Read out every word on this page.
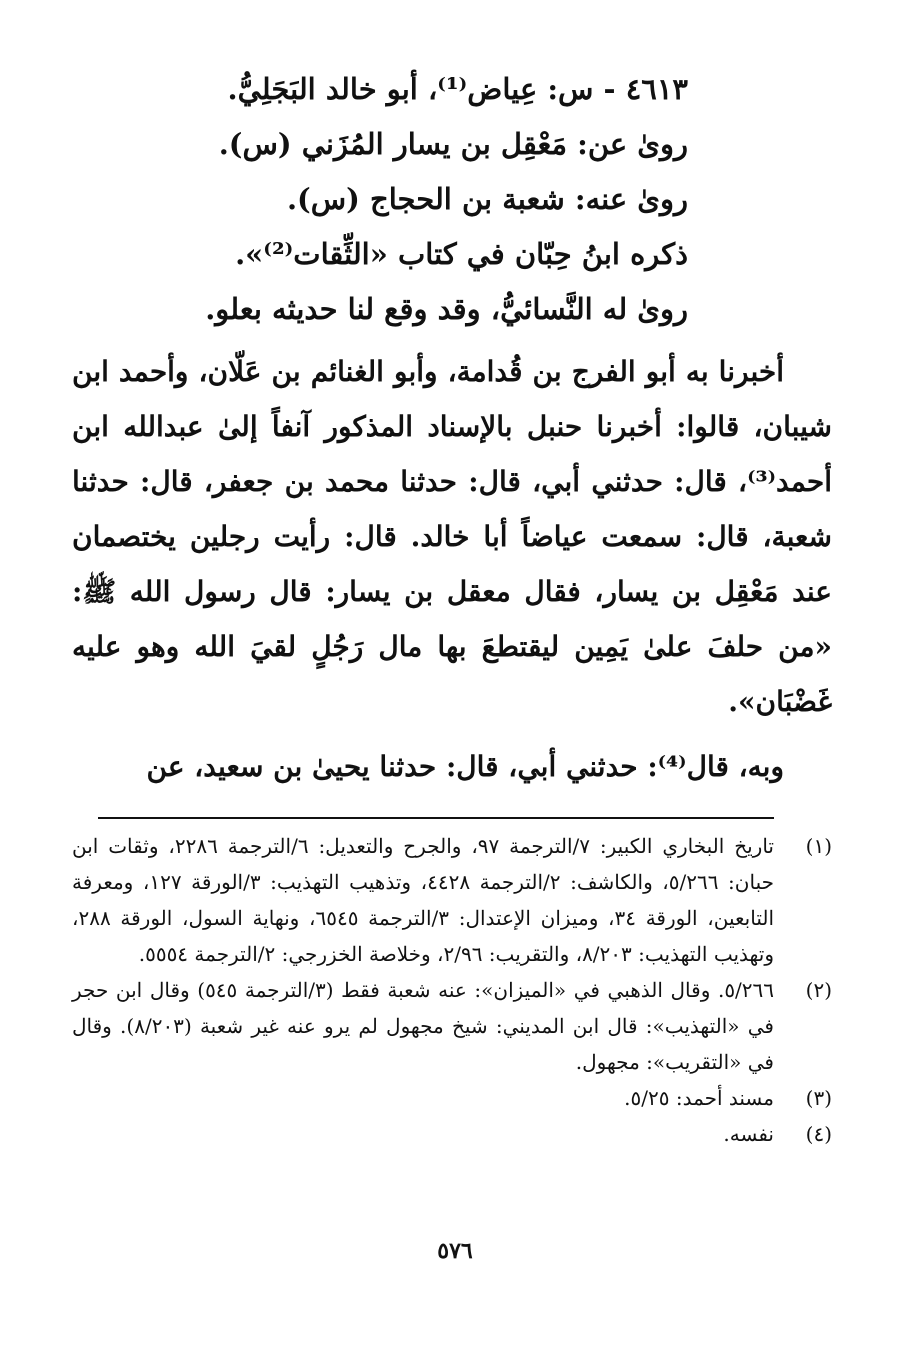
٤٦١٣ - س: عِياض⁽¹⁾، أبو خالد البَجَلِيُّ.
روىٰ عن: مَعْقِل بن يسار المُزَني (س).
روىٰ عنه: شعبة بن الحجاج (س).
ذكره ابنُ حِبّان في كتاب «الثِّقات⁽²⁾».
روىٰ له النَّسائيُّ، وقد وقع لنا حديثه بعلو.

أخبرنا به أبو الفرج بن قُدامة، وأبو الغنائم بن عَلّان، وأحمد ابن شيبان، قالوا: أخبرنا حنبل بالإسناد المذكور آنفاً إلىٰ عبدالله ابن أحمد⁽³⁾، قال: حدثني أبي، قال: حدثنا محمد بن جعفر، قال: حدثنا شعبة، قال: سمعت عياضاً أبا خالد. قال: رأيت رجلين يختصمان عند مَعْقِل بن يسار، فقال معقل بن يسار: قال رسول الله ﷺ: «من حلفَ علىٰ يَمِين ليقتطعَ بها مال رَجُلٍ لقيَ الله وهو عليه غَضْبَان».

وبه، قال⁽⁴⁾: حدثني أبي، قال: حدثنا يحيىٰ بن سعيد، عن

(١)
تاريخ البخاري الكبير: ٧/الترجمة ٩٧، والجرح والتعديل: ٦/الترجمة ٢٢٨٦، وثقات ابن حبان: ٥/٢٦٦، والكاشف: ٢/الترجمة ٤٤٢٨، وتذهيب التهذيب: ٣/الورقة ١٢٧، ومعرفة التابعين، الورقة ٣٤، وميزان الإعتدال: ٣/الترجمة ٦٥٤٥، ونهاية السول، الورقة ٢٨٨، وتهذيب التهذيب: ٨/٢٠٣، والتقريب: ٢/٩٦، وخلاصة الخزرجي: ٢/الترجمة ٥٥٥٤.
(٢)
٥/٢٦٦. وقال الذهبي في «الميزان»: عنه شعبة فقط (٣/الترجمة ٥٤٥) وقال ابن حجر في «التهذيب»: قال ابن المديني: شيخ مجهول لم يرو عنه غير شعبة (٨/٢٠٣). وقال في «التقريب»: مجهول.
(٣)
مسند أحمد: ٥/٢٥.
(٤)
نفسه.
٥٧٦
